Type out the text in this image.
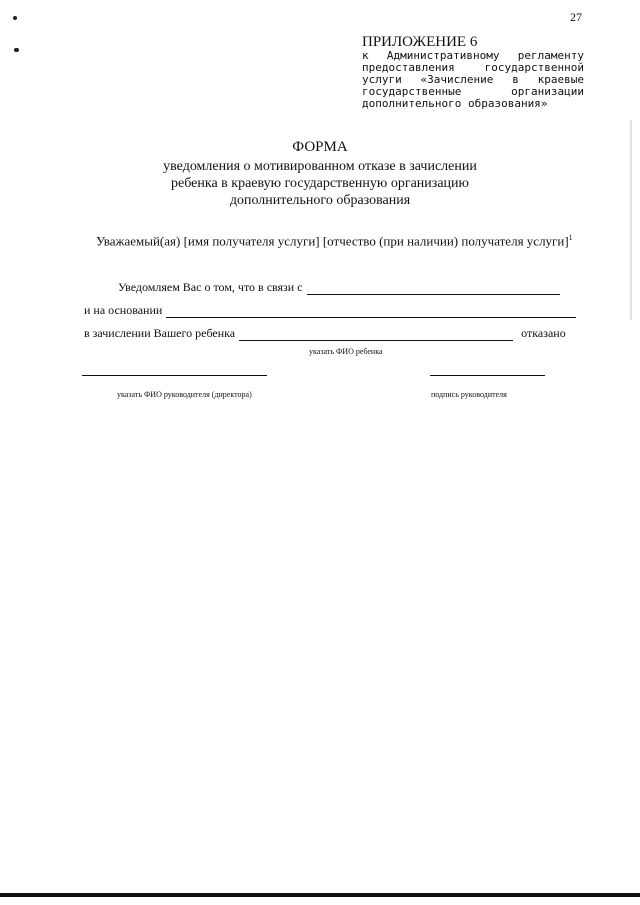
27
ПРИЛОЖЕНИЕ 6
к Административному регламенту предоставления государственной услуги «Зачисление в краевые государственные организации дополнительного образования»
ФОРМА
уведомления о мотивированном отказе в зачислении ребенка в краевую государственную организацию дополнительного образования
Уважаемый(ая) [имя получателя услуги] [отчество (при наличии) получателя услуги]$^1$
Уведомляем Вас о том, что в связи с
и на основании
в зачислении Вашего ребенка	отказано
указать ФИО ребенка
указать ФИО руководителя (директора)	подпись руководителя
